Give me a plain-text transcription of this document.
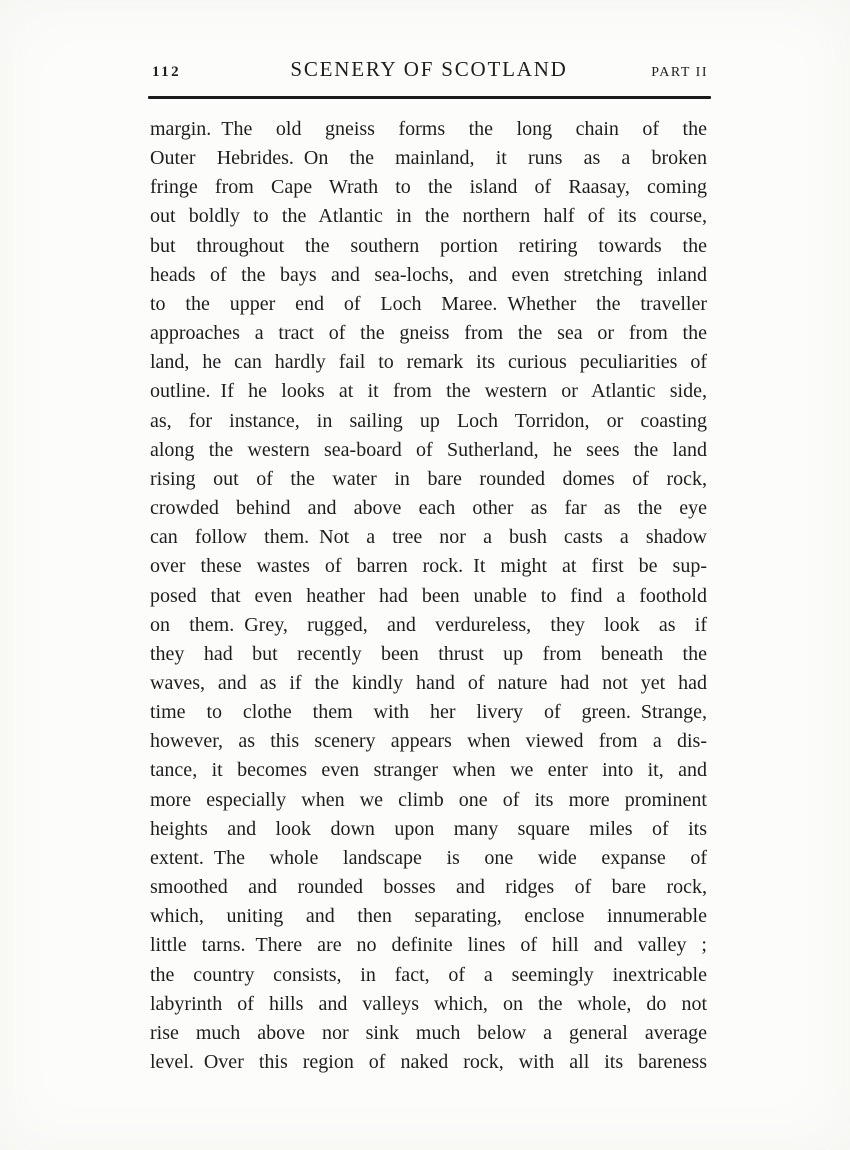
112	SCENERY OF SCOTLAND	PART II
margin. The old gneiss forms the long chain of the
Outer Hebrides. On the mainland, it runs as a broken
fringe from Cape Wrath to the island of Raasay, coming
out boldly to the Atlantic in the northern half of its course,
but throughout the southern portion retiring towards the
heads of the bays and sea-lochs, and even stretching inland
to the upper end of Loch Maree. Whether the traveller
approaches a tract of the gneiss from the sea or from the
land, he can hardly fail to remark its curious peculiarities of
outline. If he looks at it from the western or Atlantic side,
as, for instance, in sailing up Loch Torridon, or coasting
along the western sea-board of Sutherland, he sees the land
rising out of the water in bare rounded domes of rock,
crowded behind and above each other as far as the eye
can follow them. Not a tree nor a bush casts a shadow
over these wastes of barren rock. It might at first be sup-
posed that even heather had been unable to find a foothold
on them. Grey, rugged, and verdureless, they look as if
they had but recently been thrust up from beneath the
waves, and as if the kindly hand of nature had not yet had
time to clothe them with her livery of green. Strange,
however, as this scenery appears when viewed from a dis-
tance, it becomes even stranger when we enter into it, and
more especially when we climb one of its more prominent
heights and look down upon many square miles of its
extent. The whole landscape is one wide expanse of
smoothed and rounded bosses and ridges of bare rock,
which, uniting and then separating, enclose innumerable
little tarns. There are no definite lines of hill and valley ;
the country consists, in fact, of a seemingly inextricable
labyrinth of hills and valleys which, on the whole, do not
rise much above nor sink much below a general average
level. Over this region of naked rock, with all its bareness
